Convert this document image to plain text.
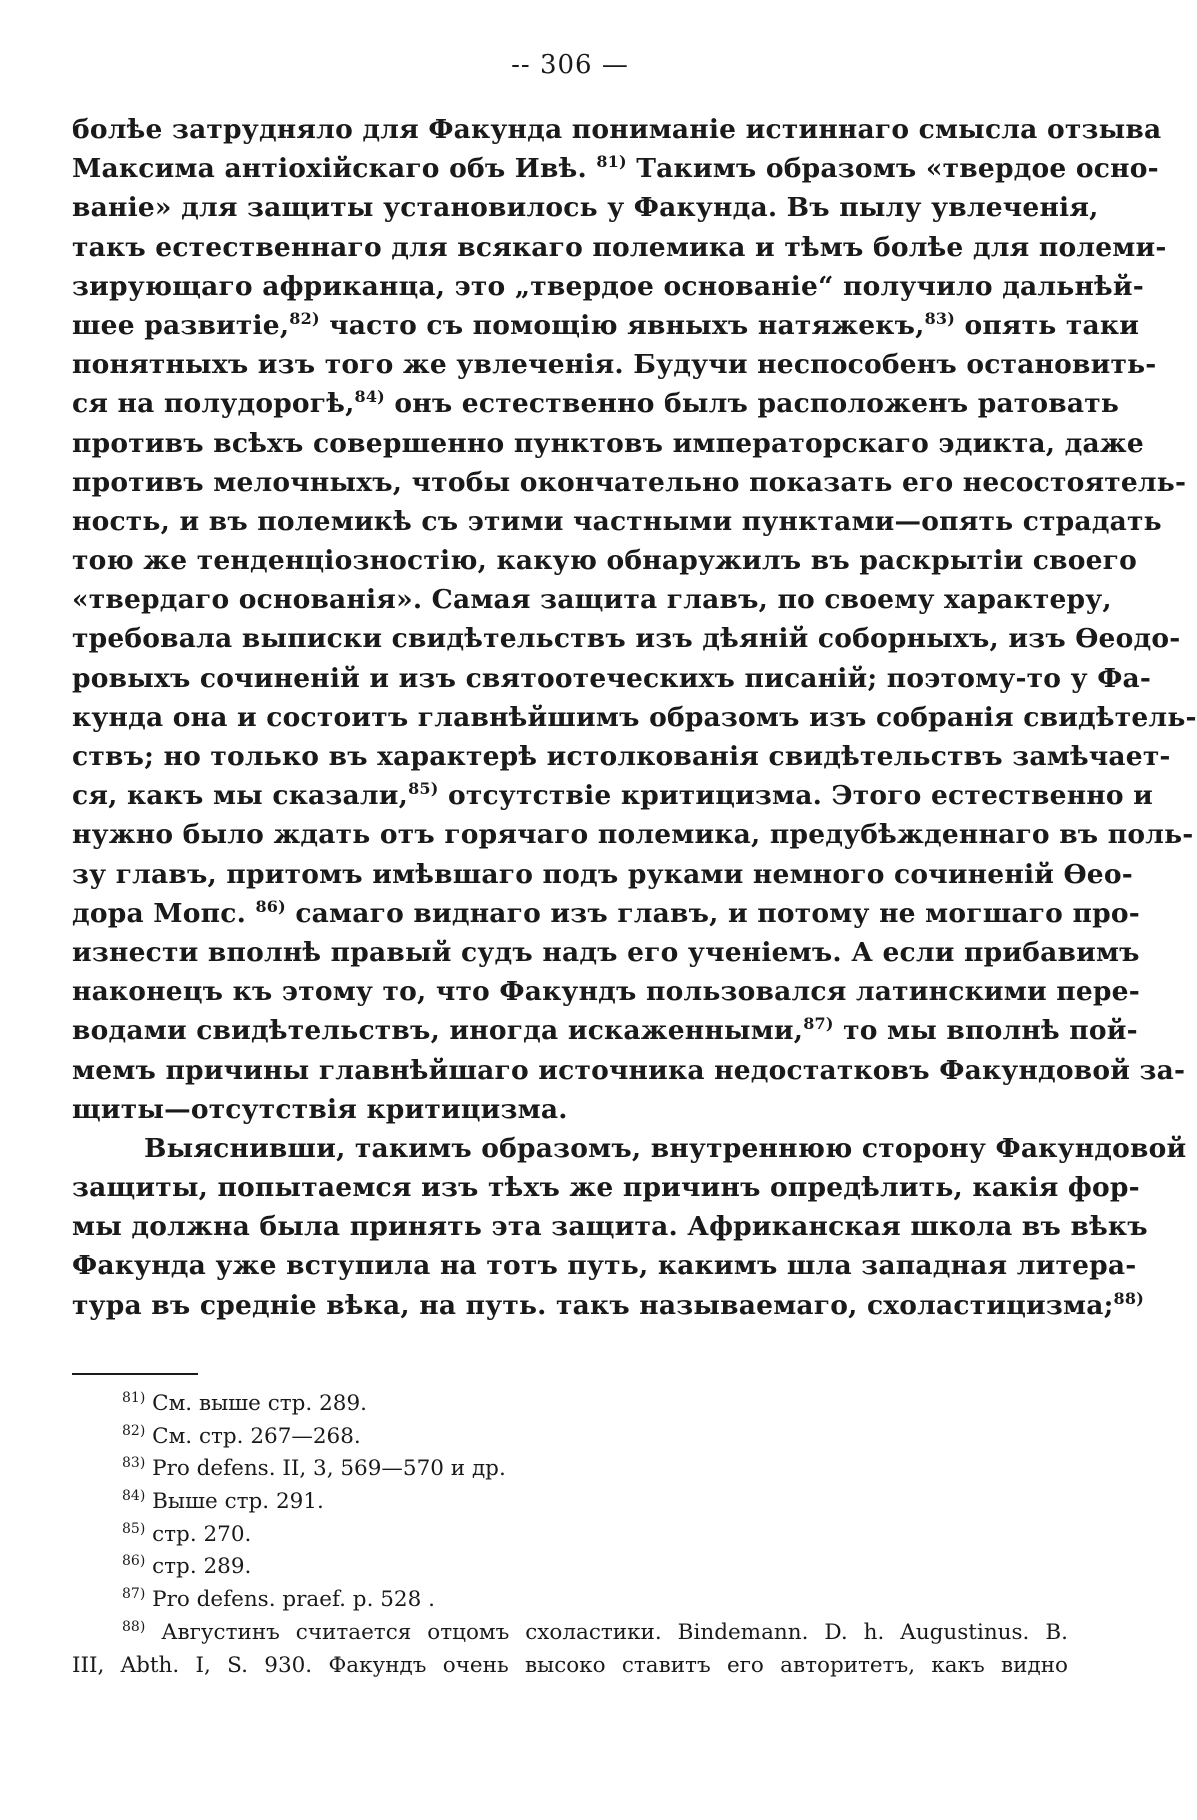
-- 306 —
болѣе затрудняло для Факунда пониманіе истиннаго смысла отзыва
Максима антіохійскаго объ Ивѣ. $^{81)}$ Такимъ образомъ «твердое осно-
ваніе» для защиты установилось у Факунда. Въ пылу увлеченія,
такъ естественнаго для всякаго полемика и тѣмъ болѣе для полеми-
зирующаго африканца, это „твердое основаніе“ получило дальнѣй-
шее развитіе,$^{82)}$ часто съ помощію явныхъ натяжекъ,$^{83)}$ опять таки
понятныхъ изъ того же увлеченія. Будучи неспособенъ остановить-
ся на полудорогѣ,$^{84)}$ онъ естественно былъ расположенъ ратовать
противъ всѣхъ совершенно пунктовъ императорскаго эдикта, даже
противъ мелочныхъ, чтобы окончательно показать его несостоятель-
ность, и въ полемикѣ съ этими частными пунктами—опять страдать
тою же тенденціозностію, какую обнаружилъ въ раскрытіи своего
«твердаго основанія». Самая защита главъ, по своему характеру,
требовала выписки свидѣтельствъ изъ дѣяній соборныхъ, изъ Ѳеодо-
ровыхъ сочиненій и изъ святоотеческихъ писаній; поэтому-то у Фа-
кунда она и состоитъ главнѣйшимъ образомъ изъ собранія свидѣтель-
ствъ; но только въ характерѣ истолкованія свидѣтельствъ замѣчает-
ся, какъ мы сказали,$^{85)}$ отсутствіе критицизма. Этого естественно и
нужно было ждать отъ горячаго полемика, предубѣжденнаго въ поль-
зу главъ, притомъ имѣвшаго подъ руками немного сочиненій Ѳео-
дора Мопс. $^{86)}$ самаго виднаго изъ главъ, и потому не могшаго про-
изнести вполнѣ правый судъ надъ его ученіемъ. А если прибавимъ
наконецъ къ этому то, что Факундъ пользовался латинскими пере-
водами свидѣтельствъ, иногда искаженными,$^{87)}$ то мы вполнѣ пой-
мемъ причины главнѣйшаго источника недостатковъ Факундовой за-
щиты—отсутствія критицизма.
Выяснивши, такимъ образомъ, внутреннюю сторону Факундовой
защиты, попытаемся изъ тѣхъ же причинъ опредѣлить, какія фор-
мы должна была принять эта защита. Африканская школа въ вѣкъ
Факунда уже вступила на тотъ путь, какимъ шла западная литера-
тура въ средніе вѣка, на путь. такъ называемаго, схоластицизма;$^{88)}$
$^{81)}$ См. выше стр. 289.
$^{82)}$ См. стр. 267—268.
$^{83)}$ Pro defens. II, 3, 569—570 и др.
$^{84)}$ Выше стр. 291.
$^{85)}$ стр. 270.
$^{86)}$ стр. 289.
$^{87)}$ Pro defens. praef. p. 528 .
$^{88)}$ Августинъ считается отцомъ схоластики. Bindemann. D. h. Augustinus. B.
III, Abth. I, S. 930. Факундъ очень высоко ставитъ его авторитетъ, какъ видно
